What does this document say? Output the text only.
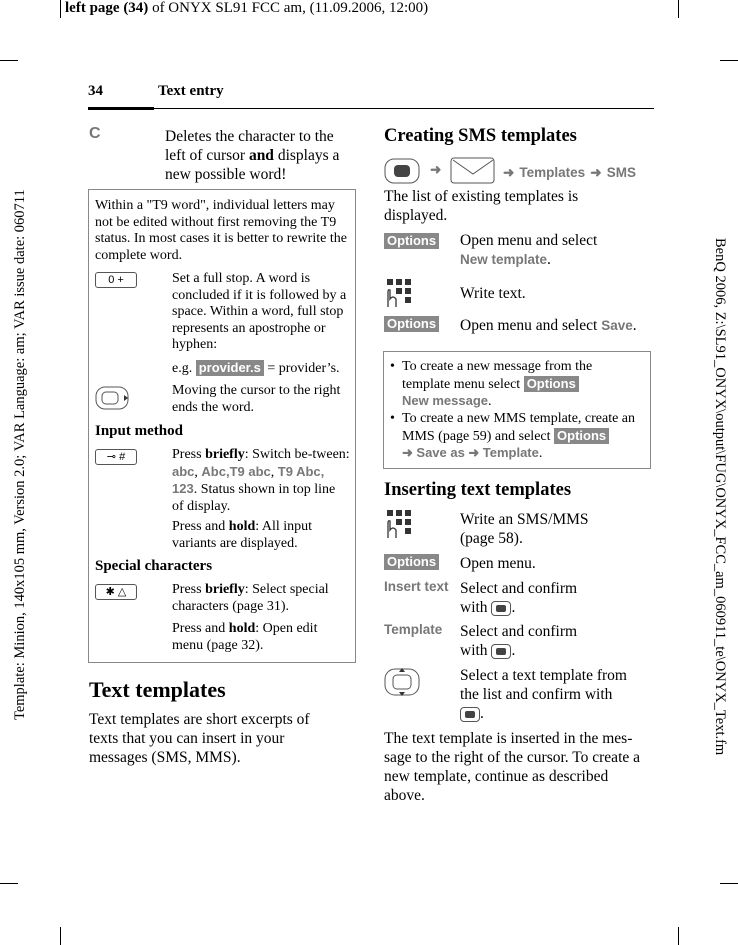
left page (34) of ONYX SL91 FCC am, (11.09.2006, 12:00)
Template: Minion, 140x105 mm, Version 2.0; VAR Language: am; VAR issue date: 060711	BenQ 2006, Z:\SL91_ONYX\output\FUG\ONYX_FCC_am_060911_te\ONYX_Text.fm
34	Text entry
C	Deletes the character to the left of cursor and displays a new possible word!
Within a "T9 word", individual letters may not be edited without first removing the T9 status. In most cases it is better to rewrite the complete word.
0 +	Set a full stop. A word is concluded if it is followed by a space. Within a word, full stop represents an apostrophe or hyphen:
e.g. provider.s = provider’s.
Moving the cursor to the right ends the word.
Input method
⊸ #	Press briefly: Switch be-tween: abc, Abc,T9 abc, T9 Abc, 123. Status shown in top line of display.
Press and hold: All input variants are displayed.
Special characters
✱ △	Press briefly: Select special characters (page 31).
Press and hold: Open edit menu (page 32).
Text templates
Text templates are short excerpts of texts that you can insert in your messages (SMS, MMS).
Creating SMS templates
➜	➜ Templates ➜ SMS
The list of existing templates is displayed.
Options Open menu and select
New template.
Write text.
Options Open menu and select Save.
• To create a new message from the template menu select Options
New message.
• To create a new MMS template, create an MMS (page 59) and select Options
➜ Save as ➜ Template.
Inserting text templates
Write an SMS/MMS (page 58).
Options Open menu.
Insert text Select and confirm with .
Template Select and confirm with .
Select a text template from the list and confirm with .
The text template is inserted in the mes-sage to the right of the cursor. To create a new template, continue as described above.
